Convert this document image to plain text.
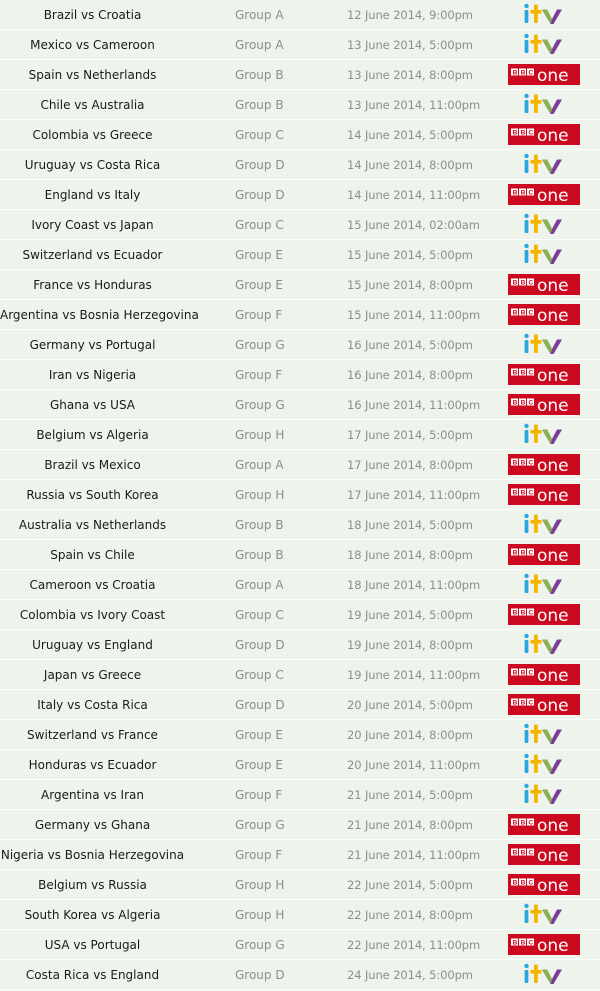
Brazil vs Croatia	Group A	12 June 2014, 9:00pm
Mexico vs Cameroon	Group A	13 June 2014, 5:00pm
Spain vs Netherlands	Group B	13 June 2014, 8:00pm	B B C one
Chile vs Australia	Group B	13 June 2014, 11:00pm
Colombia vs Greece	Group C	14 June 2014, 5:00pm	B B C one
Uruguay vs Costa Rica	Group D	14 June 2014, 8:00pm
England vs Italy	Group D	14 June 2014, 11:00pm	B B C one
Ivory Coast vs Japan	Group C	15 June 2014, 02:00am
Switzerland vs Ecuador	Group E	15 June 2014, 5:00pm
France vs Honduras	Group E	15 June 2014, 8:00pm	B B C one
Argentina vs Bosnia Herzegovina	Group F	15 June 2014, 11:00pm	B B C one
Germany vs Portugal	Group G	16 June 2014, 5:00pm
Iran vs Nigeria	Group F	16 June 2014, 8:00pm	B B C one
Ghana vs USA	Group G	16 June 2014, 11:00pm	B B C one
Belgium vs Algeria	Group H	17 June 2014, 5:00pm
Brazil vs Mexico	Group A	17 June 2014, 8:00pm	B B C one
Russia vs South Korea	Group H	17 June 2014, 11:00pm	B B C one
Australia vs Netherlands	Group B	18 June 2014, 5:00pm
Spain vs Chile	Group B	18 June 2014, 8:00pm	B B C one
Cameroon vs Croatia	Group A	18 June 2014, 11:00pm
Colombia vs Ivory Coast	Group C	19 June 2014, 5:00pm	B B C one
Uruguay vs England	Group D	19 June 2014, 8:00pm
Japan vs Greece	Group C	19 June 2014, 11:00pm	B B C one
Italy vs Costa Rica	Group D	20 June 2014, 5:00pm	B B C one
Switzerland vs France	Group E	20 June 2014, 8:00pm
Honduras vs Ecuador	Group E	20 June 2014, 11:00pm
Argentina vs Iran	Group F	21 June 2014, 5:00pm
Germany vs Ghana	Group G	21 June 2014, 8:00pm	B B C one
Nigeria vs Bosnia Herzegovina	Group F	21 June 2014, 11:00pm	B B C one
Belgium vs Russia	Group H	22 June 2014, 5:00pm	B B C one
South Korea vs Algeria	Group H	22 June 2014, 8:00pm
USA vs Portugal	Group G	22 June 2014, 11:00pm	B B C one
Costa Rica vs England	Group D	24 June 2014, 5:00pm
